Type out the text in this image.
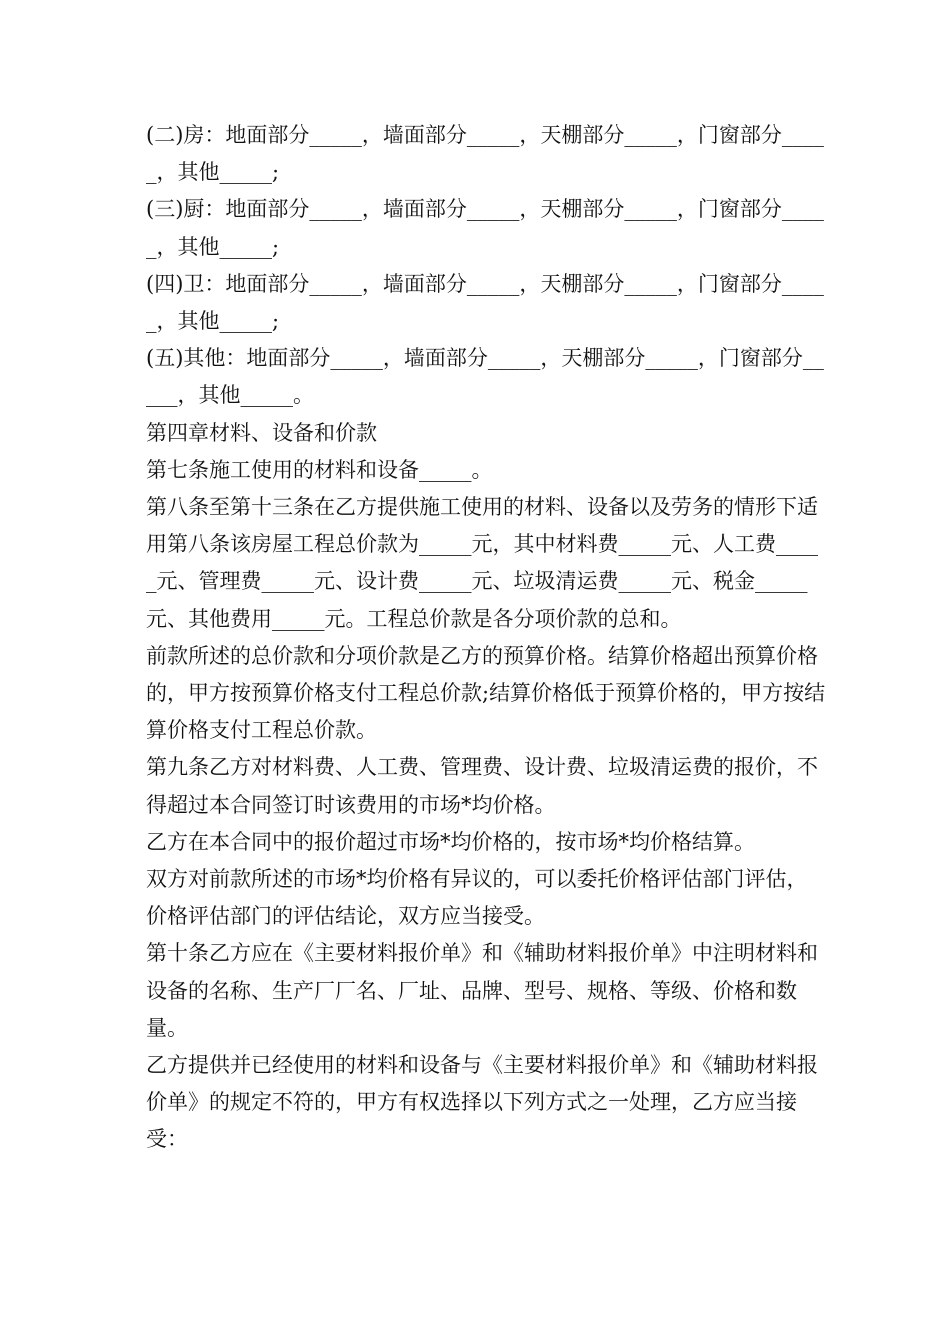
(二)房：地面部分_____，墙面部分_____，天棚部分_____，门窗部分_____，其他_____;

(三)厨：地面部分_____，墙面部分_____，天棚部分_____，门窗部分_____，其他_____;

(四)卫：地面部分_____，墙面部分_____，天棚部分_____，门窗部分_____，其他_____;

(五)其他：地面部分_____，墙面部分_____，天棚部分_____，门窗部分_____，其他_____。

第四章材料、设备和价款

第七条施工使用的材料和设备_____。

第八条至第十三条在乙方提供施工使用的材料、设备以及劳务的情形下适用第八条该房屋工程总价款为_____元，其中材料费_____元、人工费_____元、管理费_____元、设计费_____元、垃圾清运费_____元、税金_____元、其他费用_____元。工程总价款是各分项价款的总和。

前款所述的总价款和分项价款是乙方的预算价格。结算价格超出预算价格的，甲方按预算价格支付工程总价款;结算价格低于预算价格的，甲方按结算价格支付工程总价款。

第九条乙方对材料费、人工费、管理费、设计费、垃圾清运费的报价，不得超过本合同签订时该费用的市场*均价格。

乙方在本合同中的报价超过市场*均价格的，按市场*均价格结算。

双方对前款所述的市场*均价格有异议的，可以委托价格评估部门评估，价格评估部门的评估结论，双方应当接受。

第十条乙方应在《主要材料报价单》和《辅助材料报价单》中注明材料和设备的名称、生产厂厂名、厂址、品牌、型号、规格、等级、价格和数量。

乙方提供并已经使用的材料和设备与《主要材料报价单》和《辅助材料报价单》的规定不符的，甲方有权选择以下列方式之一处理，乙方应当接受：
